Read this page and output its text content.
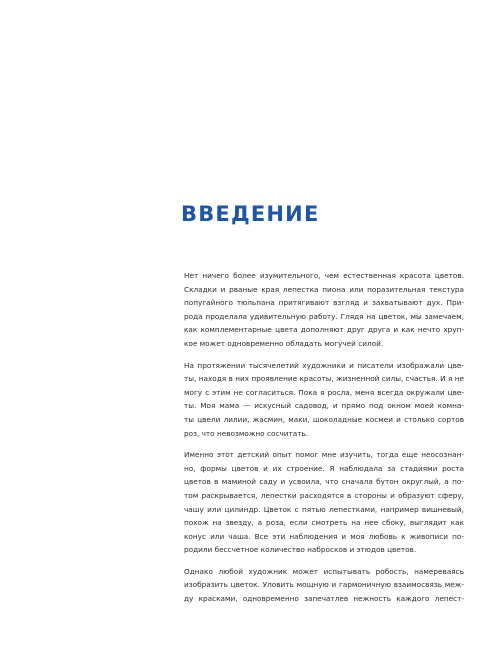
ВВЕДЕНИЕ

Нет ничего более изумительного, чем естественная красота цветов.
Складки и рваные края лепестка пиона или поразительная текстура
попугайного тюльпана притягивают взгляд и захватывают дух. При-
рода проделала удивительную работу. Глядя на цветок, мы замечаем,
как комплементарные цвета дополняют друг друга и как нечто хруп-
кое может одновременно обладать могучей силой.

На протяжении тысячелетий художники и писатели изображали цве-
ты, находя в них проявление красоты, жизненной силы, счастья. И я не
могу с этим не согласиться. Пока я росла, меня всегда окружали цве-
ты. Моя мама — искусный садовод, и прямо под окном моей комна-
ты цвели лилии, жасмин, маки, шоколадные космеи и столько сортов
роз, что невозможно сосчитать.

Именно этот детский опыт помог мне изучить, тогда еще неосознан-
но, формы цветов и их строение. Я наблюдала за стадиями роста
цветов в маминой саду и усвоила, что сначала бутон округлый, а по-
том раскрывается, лепестки расходятся в стороны и образуют сферу,
чашу или цилиндр. Цветок с пятью лепестками, например вишневый,
похож на звезду, а роза, если смотреть на нее сбоку, выглядит как
конус или чаша. Все эти наблюдения и моя любовь к живописи по-
родили бессчетное количество набросков и этюдов цветов.

Однако любой художник может испытывать робость, намереваясь
изобразить цветок. Уловить мощную и гармоничную взаимосвязь меж-
ду красками, одновременно запечатлев нежность каждого лепест-
